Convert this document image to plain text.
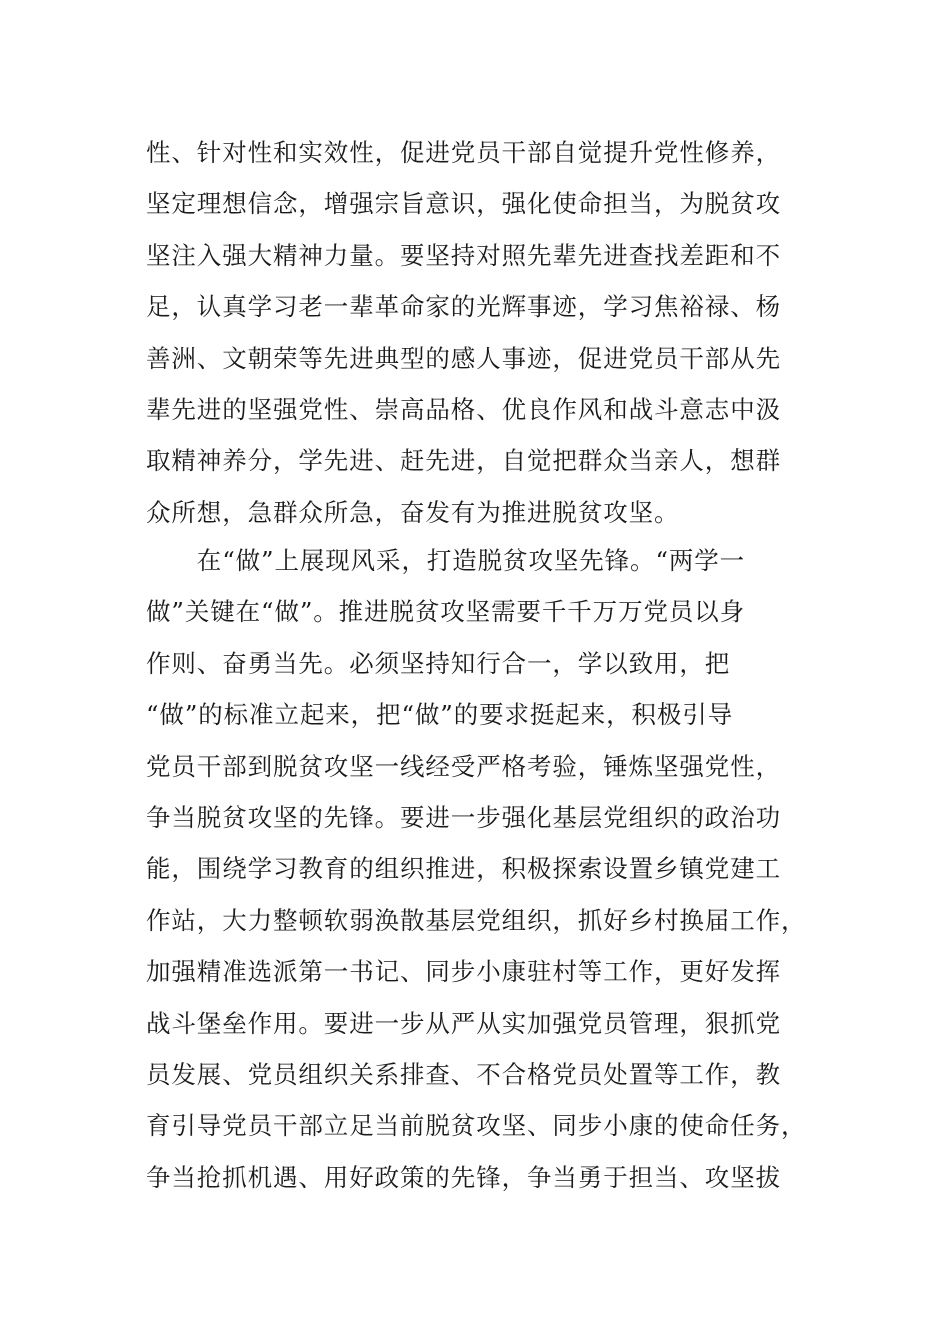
性、针对性和实效性，促进党员干部自觉提升党性修养，
坚定理想信念，增强宗旨意识，强化使命担当，为脱贫攻
坚注入强大精神力量。要坚持对照先辈先进查找差距和不
足，认真学习老一辈革命家的光辉事迹，学习焦裕禄、杨
善洲、文朝荣等先进典型的感人事迹，促进党员干部从先
辈先进的坚强党性、崇高品格、优良作风和战斗意志中汲
取精神养分，学先进、赶先进，自觉把群众当亲人，想群
众所想，急群众所急，奋发有为推进脱贫攻坚。
　　在“做”上展现风采，打造脱贫攻坚先锋。“两学一
做”关键在“做”。推进脱贫攻坚需要千千万万党员以身
作则、奋勇当先。必须坚持知行合一，学以致用，把
“做”的标准立起来，把“做”的要求挺起来，积极引导
党员干部到脱贫攻坚一线经受严格考验，锤炼坚强党性，
争当脱贫攻坚的先锋。要进一步强化基层党组织的政治功
能，围绕学习教育的组织推进，积极探索设置乡镇党建工
作站，大力整顿软弱涣散基层党组织，抓好乡村换届工作，
加强精准选派第一书记、同步小康驻村等工作，更好发挥
战斗堡垒作用。要进一步从严从实加强党员管理，狠抓党
员发展、党员组织关系排查、不合格党员处置等工作，教
育引导党员干部立足当前脱贫攻坚、同步小康的使命任务，
争当抢抓机遇、用好政策的先锋，争当勇于担当、攻坚拔
